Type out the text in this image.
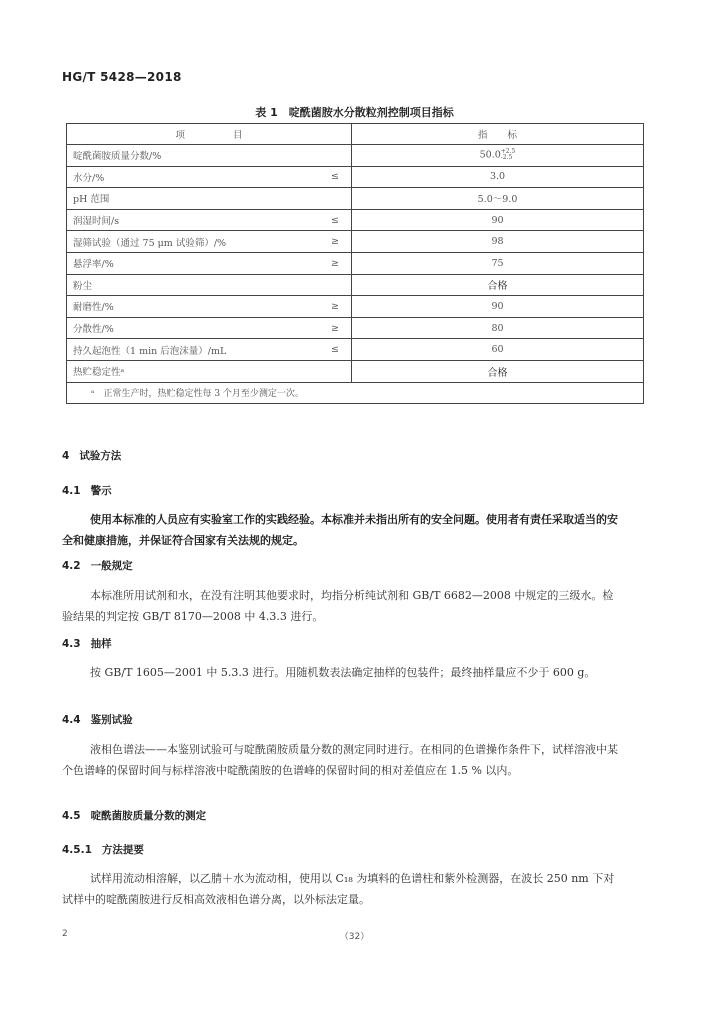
HG/T 5428—2018
表 1　啶酰菌胺水分散粒剂控制项目指标
项目		指标
啶酰菌胺质量分数/%		50.0+2.5
-2.5
水分/%	≤	3.0
pH 范围		5.0～9.0
润湿时间/s	≤	90
湿筛试验（通过 75 μm 试验筛）/%	≥	98
悬浮率/%	≥	75
粉尘		合格
耐磨性/%	≥	90
分散性/%	≥	80
持久起泡性（1 min 后泡沫量）/mL	≤	60
热贮稳定性ᵃ		合格
ᵃ　正常生产时，热贮稳定性每 3 个月至少测定一次。		
4 试验方法
4.1 警示
使用本标准的人员应有实验室工作的实践经验。本标准并未指出所有的安全问题。使用者有责任采取适当的安全和健康措施，并保证符合国家有关法规的规定。
4.2 一般规定
本标准所用试剂和水，在没有注明其他要求时，均指分析纯试剂和 GB/T 6682—2008 中规定的三级水。检验结果的判定按 GB/T 8170—2008 中 4.3.3 进行。
4.3 抽样
按 GB/T 1605—2001 中 5.3.3 进行。用随机数表法确定抽样的包装件；最终抽样量应不少于 600 g。
4.4 鉴别试验
液相色谱法——本鉴别试验可与啶酰菌胺质量分数的测定同时进行。在相同的色谱操作条件下，试样溶液中某个色谱峰的保留时间与标样溶液中啶酰菌胺的色谱峰的保留时间的相对差值应在 1.5 % 以内。
4.5 啶酰菌胺质量分数的测定
4.5.1 方法提要
试样用流动相溶解，以乙腈＋水为流动相，使用以 C₁₈ 为填料的色谱柱和紫外检测器，在波长 250 nm 下对试样中的啶酰菌胺进行反相高效液相色谱分离，以外标法定量。
2	（32）
